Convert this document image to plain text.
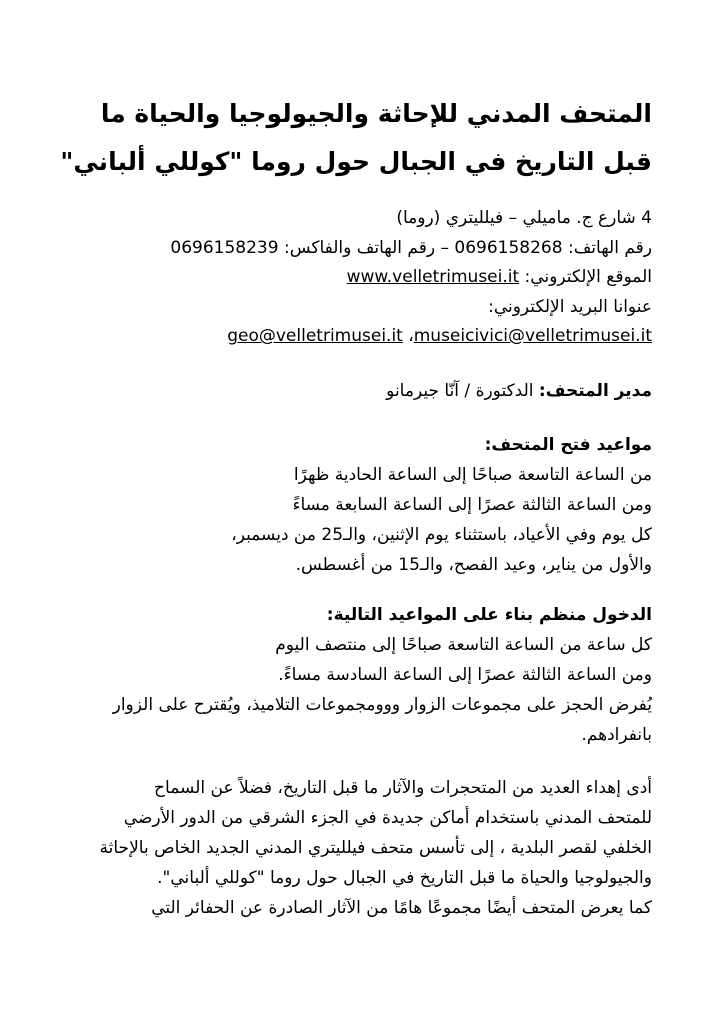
المتحف المدني للإحاثة والجيولوجيا والحياة ما
قبل التاريخ في الجبال حول روما "كوللي ألباني"
4 شارع ج. ماميلي – فيلليتري (روما)
رقم الهاتف: 0696158268 – رقم الهاتف والفاكس: 0696158239
الموقع الإلكتروني: www.velletrimusei.it
عنوانا البريد الإلكتروني:
museicivici@velletrimusei.it، geo@velletrimusei.it
مدير المتحف: الدكتورة / آنّا جيرمانو
مواعيد فتح المتحف:
من الساعة التاسعة صباحًا إلى الساعة الحادية ظهرًا
ومن الساعة الثالثة عصرًا إلى الساعة السابعة مساءً
كل يوم وفي الأعياد، باستثناء يوم الإثنين، والـ25 من ديسمبر،
والأول من يناير، وعيد الفصح، والـ15 من أغسطس.
الدخول منظم بناء على المواعيد التالية:
كل ساعة من الساعة التاسعة صباحًا إلى منتصف اليوم
ومن الساعة الثالثة عصرًا إلى الساعة السادسة مساءً.
يُفرض الحجز على مجموعات الزوار ووومجموعات التلاميذ، ويُقترح على الزوار
بانفرادهم.
أدى إهداء العديد من المتحجرات والآثار ما قبل التاريخ، فضلاً عن السماح
للمتحف المدني باستخدام أماكن جديدة في الجزء الشرقي من الدور الأرضي
الخلفي لقصر البلدية ، إلى تأسس متحف فيلليتري المدني الجديد الخاص بالإحاثة
والجيولوجيا والحياة ما قبل التاريخ في الجبال حول روما "كوللي ألباني".
كما يعرض المتحف أيضًا مجموعًا هامًا من الآثار الصادرة عن الحفائر التي
